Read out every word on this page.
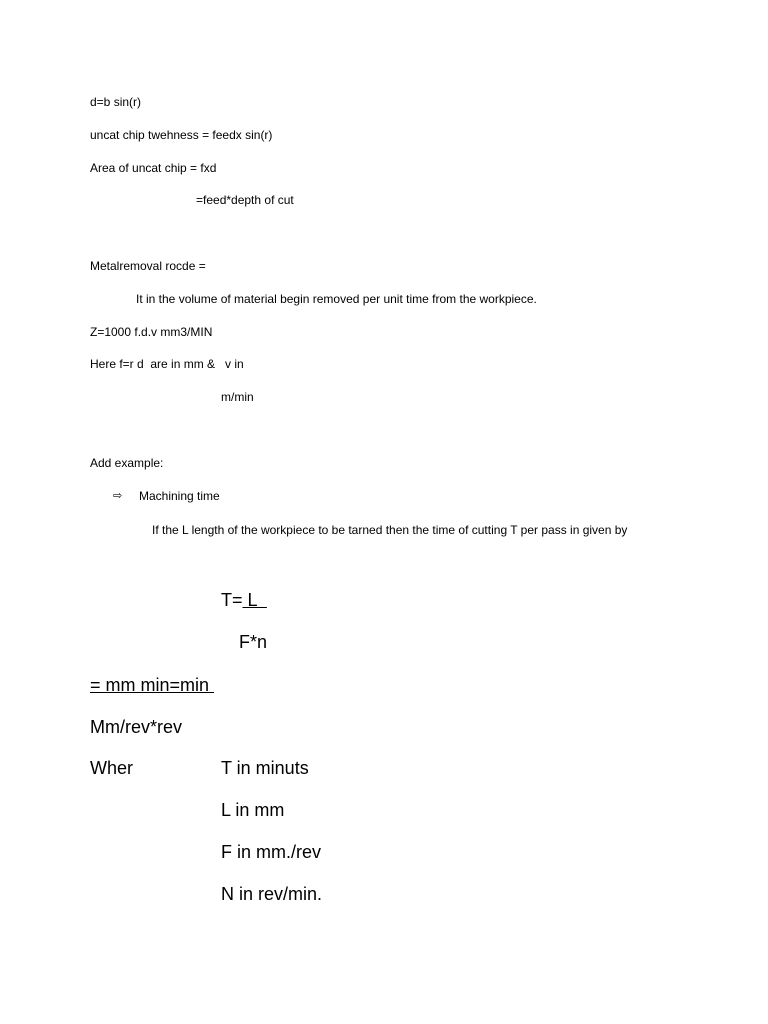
d=b sin(r)
uncat chip twehness = feedx sin(r)
Area of uncat chip = fxd
=feed*depth of cut
Metalremoval rocde =
It in the volume of material begin removed per unit time from the workpiece.
Z=1000 f.d.v mm3/MIN
Here f=r d  are in mm &   v in
m/min
Add example:
⇨ Machining time
If the L length of the workpiece to be tarned then the time of cutting T per pass in given by
T= L
F*n
= mm min=min
Mm/rev*rev
Wher	T in minuts
L in mm
F in mm./rev
N in rev/min.
